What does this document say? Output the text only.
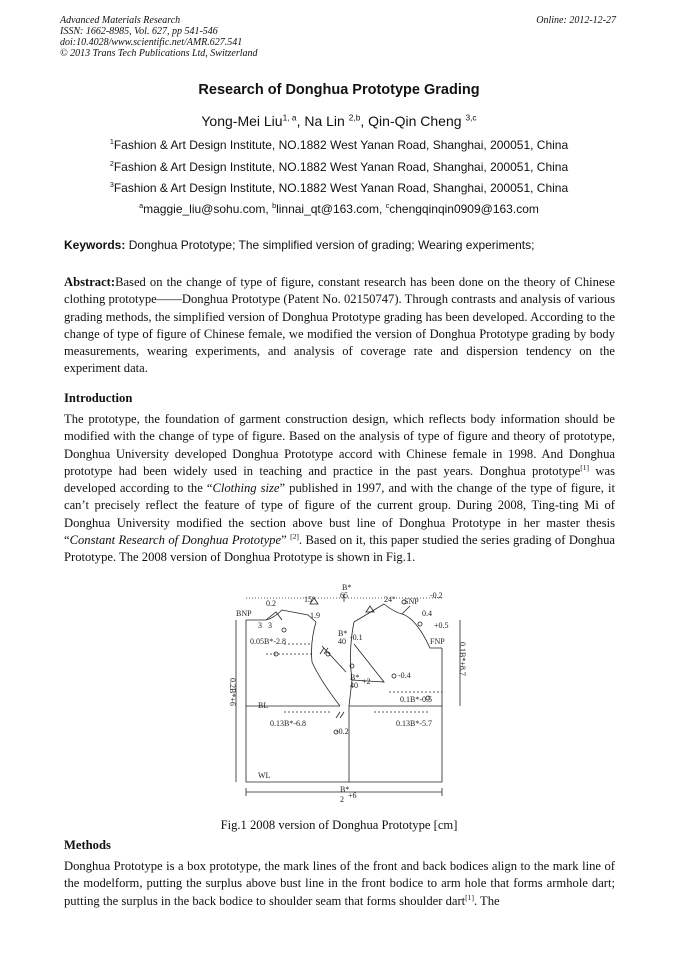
Advanced Materials Research
ISSN: 1662-8985, Vol. 627, pp 541-546
doi:10.4028/www.scientific.net/AMR.627.541
© 2013 Trans Tech Publications Ltd, Switzerland
Online: 2012-12-27
Research of Donghua Prototype Grading
Yong-Mei Liu$^{1, a}$, Na Lin $^{2,b}$, Qin-Qin Cheng $^{3,c}$
$^1$Fashion & Art Design Institute, NO.1882 West Yanan Road, Shanghai, 200051, China
$^2$Fashion & Art Design Institute, NO.1882 West Yanan Road, Shanghai, 200051, China
$^3$Fashion & Art Design Institute, NO.1882 West Yanan Road, Shanghai, 200051, China
$^a$maggie_liu@sohu.com, $^b$linnai_qt@163.com, $^c$chengqinqin0909@163.com
Keywords: Donghua Prototype; The simplified version of grading; Wearing experiments;
Abstract:Based on the change of type of figure, constant research has been done on the theory of Chinese clothing prototype——Donghua Prototype (Patent No. 02150747). Through contrasts and analysis of various grading methods, the simplified version of Donghua Prototype grading has been developed. According to the change of type of figure of Chinese female, we modified the version of Donghua Prototype grading by body measurements, wearing experiments, and analysis of coverage rate and dispersion tendency on the experiment data.
Introduction
The prototype, the foundation of garment construction design, which reflects body information should be modified with the change of type of figure. Based on the analysis of type of figure and theory of prototype, Donghua University developed Donghua Prototype accord with Chinese female in 1998. And Donghua prototype had been widely used in teaching and practice in the past years. Donghua prototype[1] was developed according to the “Clothing size” published in 1997, and with the change of the type of figure, it can’t precisely reflect the feature of type of figure of the current group. During 2008, Ting-ting Mi of Donghua University modified the section above bust line of Donghua Prototype in her master thesis “Constant Research of Donghua Prototype” [2]. Based on it, this paper studied the series grading of Donghua Prototype. The 2008 version of Donghua Prototype is shown in Fig.1.
BNP
SNP
FNP
BL
WL
15°	24°
B*
65
0.2
-0.2
0.4
+0.5
1.9
0.05B*-2.8
B*
40 -0.1
0.1B*+8.7
0.2B*+6
B*
40 +2
-0.4
0.1B*-0.5
0.13B*-6.8	0.13B*-5.7
-0.2
B*
2 +6
3 3
Fig.1 2008 version of Donghua Prototype [cm]
Methods
Donghua Prototype is a box prototype, the mark lines of the front and back bodices align to the mark line of the modelform, putting the surplus above bust line in the front bodice to arm hole that forms armhole dart; putting the surplus in the back bodice to shoulder seam that forms shoulder dart[1]. The
